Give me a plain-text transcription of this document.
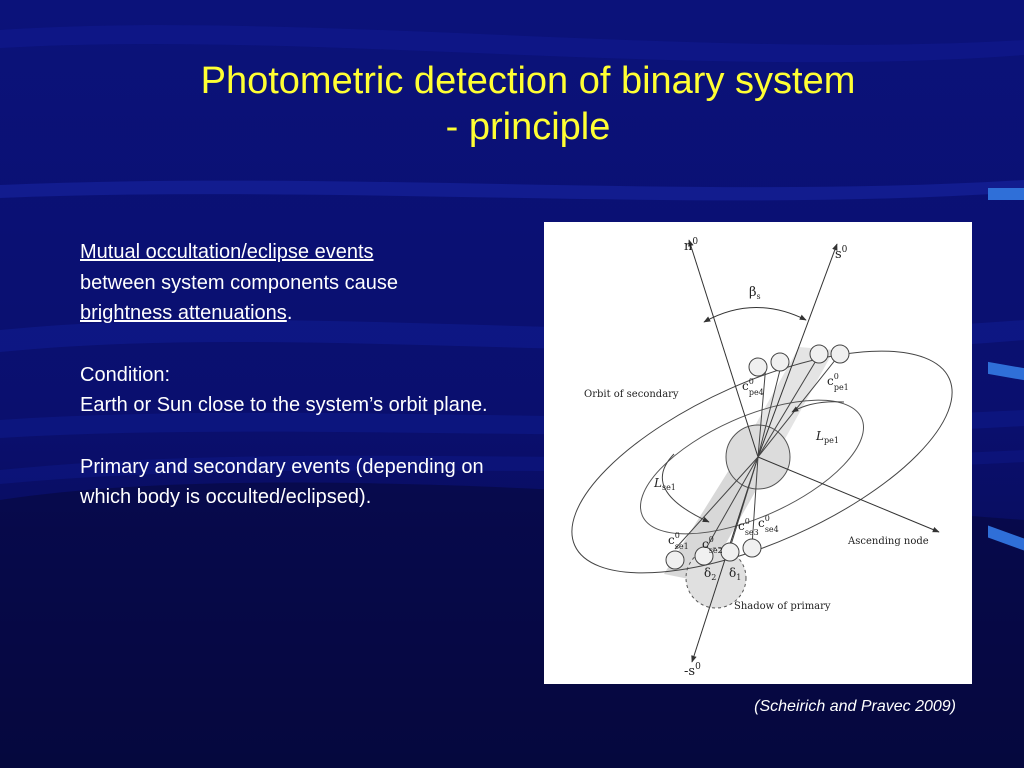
Photometric detection of binary system
- principle

Mutual occultation/eclipse events
between system components cause
brightness attenuations.

Condition:

Earth or Sun close to the system’s orbit plane.

Primary and secondary events (depending on which body is occulted/eclipsed).

$n^0$
$s^0$
$\beta_s$
Orbit of secondary
$c^0$ pe4
$c^0$ pe1
$L_{pe1}$
$L_{se1}$
$c^0$ se1 $c^0$ se2
$c^0$ se3
$c^0$ se4
$\delta_2$ $\delta_1$
Ascending node
Shadow of primary
$-s^0$
(Scheirich and Pravec 2009)
